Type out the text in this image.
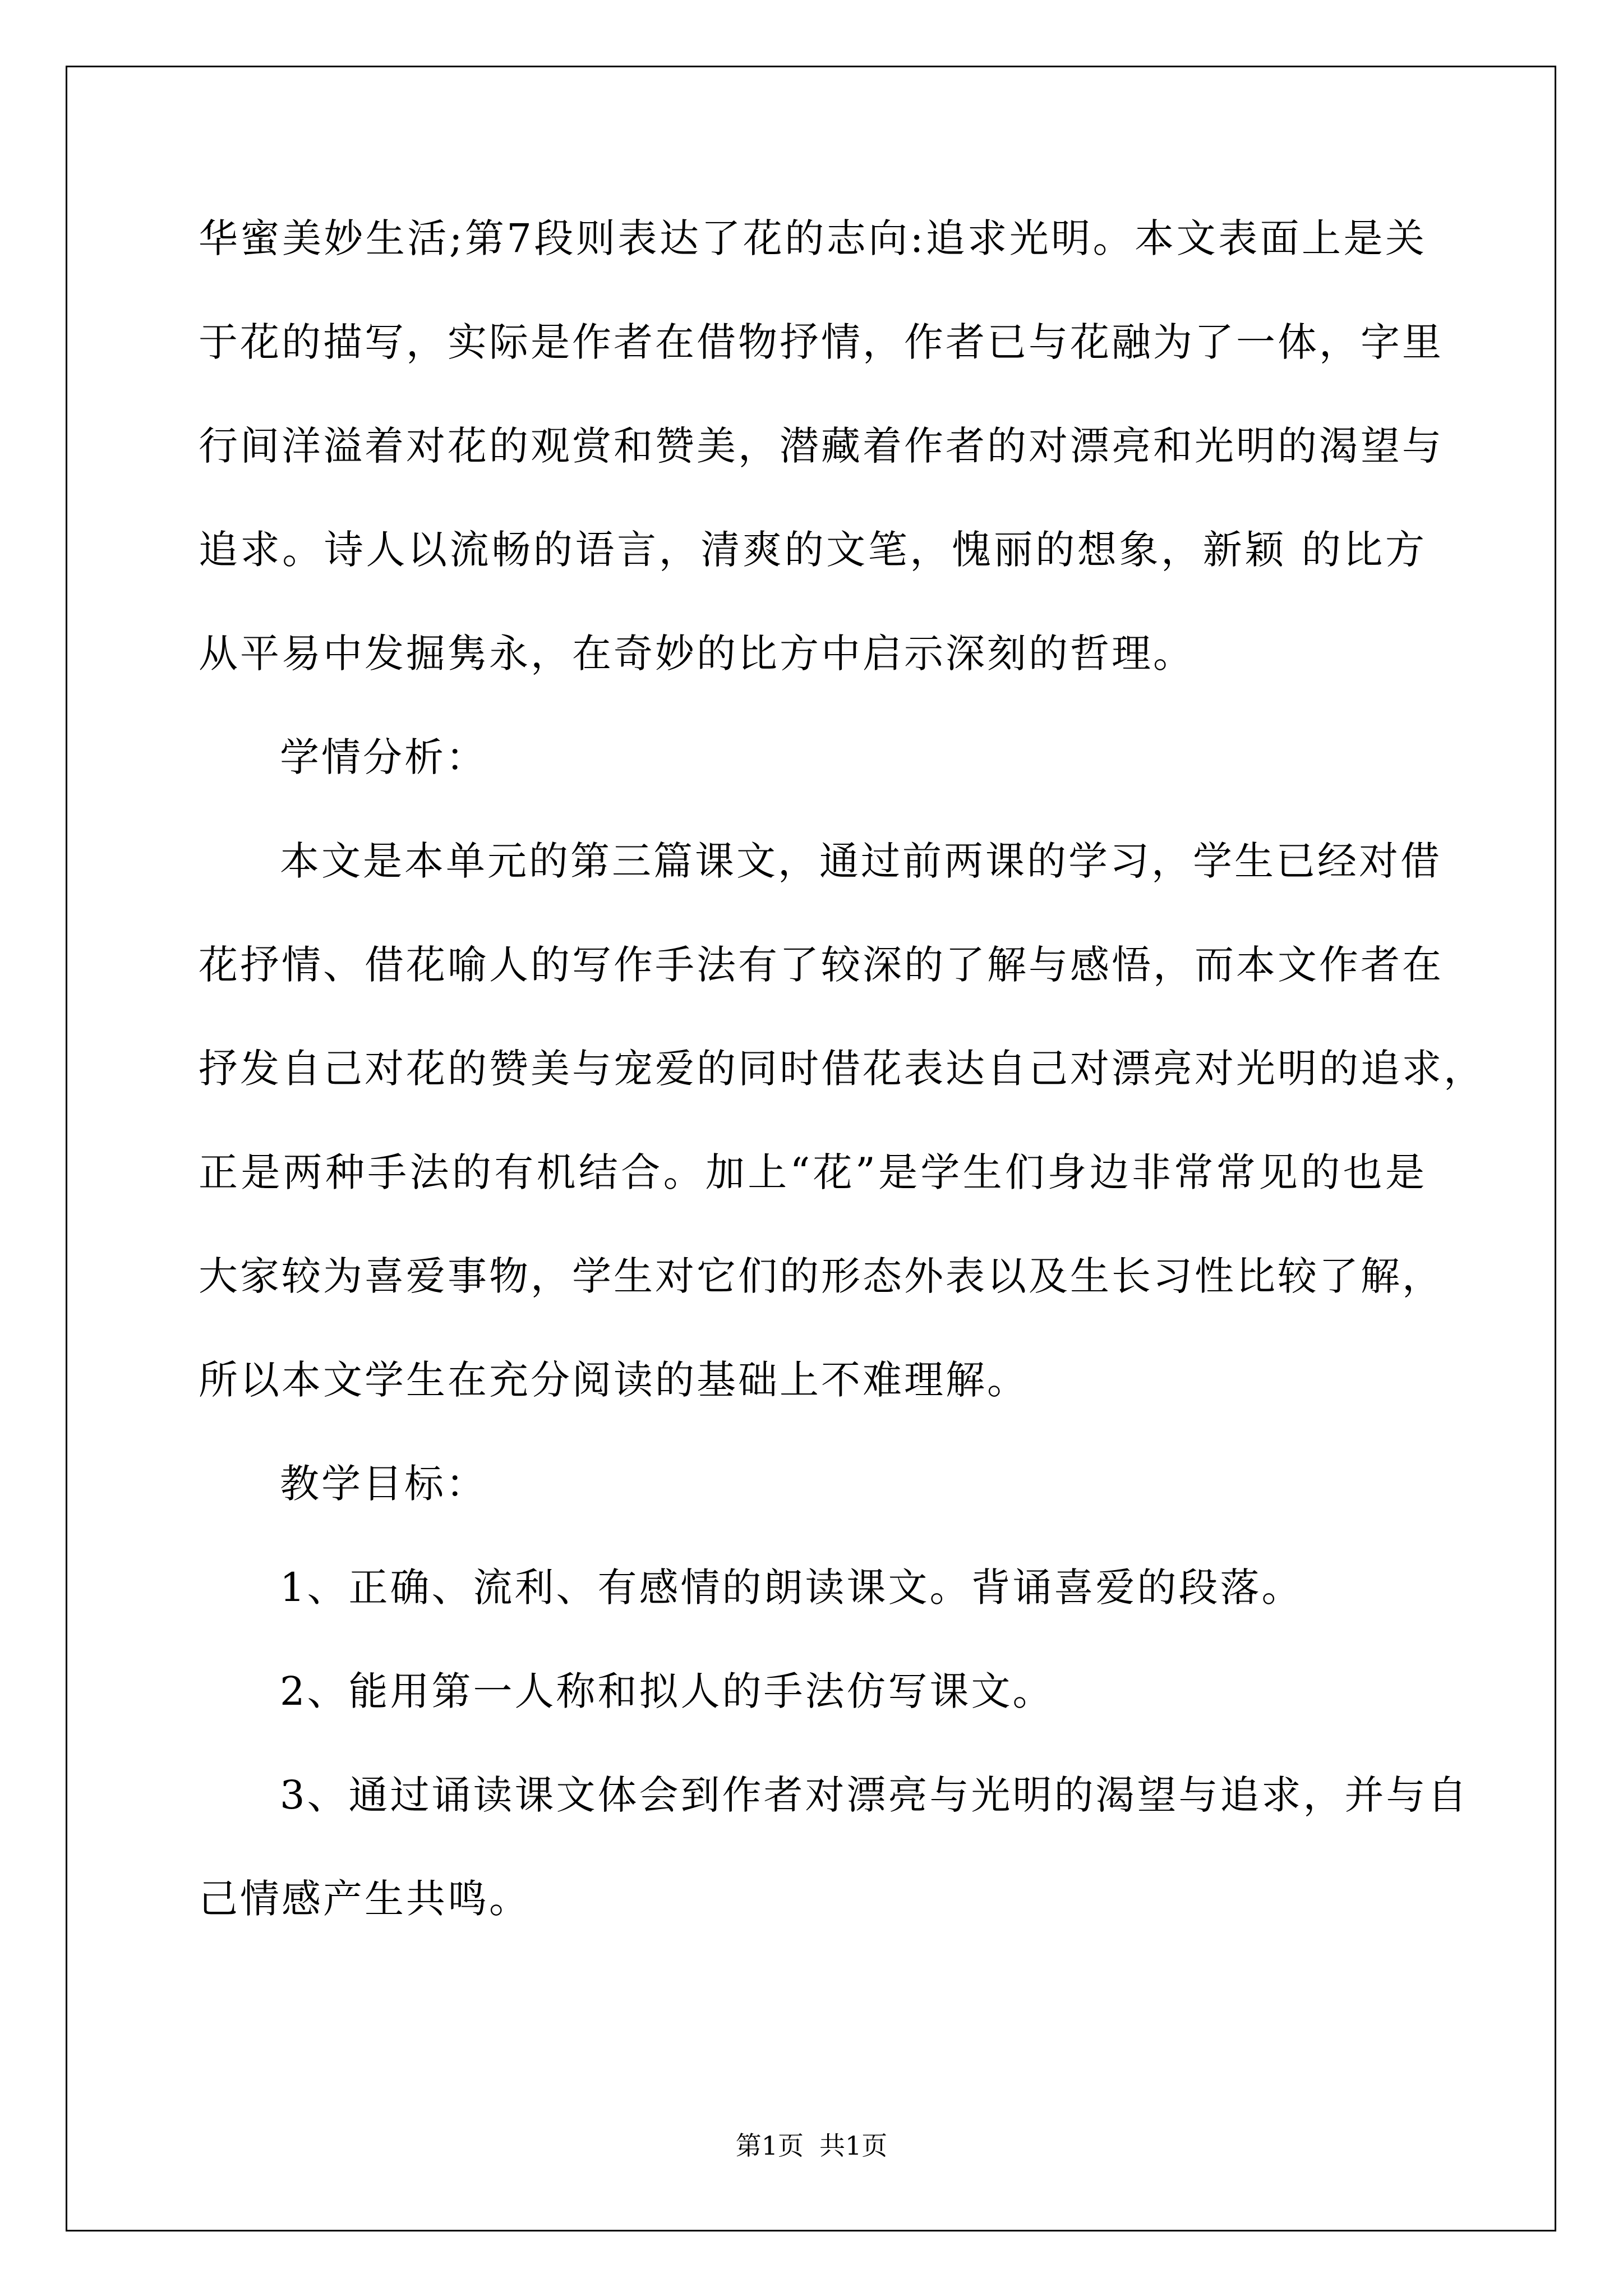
华蜜美妙生活;第7段则表达了花的志向:追求光明。本文表面上是关
于花的描写，实际是作者在借物抒情，作者已与花融为了一体，字里
行间洋溢着对花的观赏和赞美，潜藏着作者的对漂亮和光明的渴望与
追求。诗人以流畅的语言，清爽的文笔，愧丽的想象，新颖 的比方
从平易中发掘隽永，在奇妙的比方中启示深刻的哲理。
学情分析：
本文是本单元的第三篇课文，通过前两课的学习，学生已经对借
花抒情、借花喻人的写作手法有了较深的了解与感悟，而本文作者在
抒发自己对花的赞美与宠爱的同时借花表达自己对漂亮对光明的追求，
正是两种手法的有机结合。加上“花”是学生们身边非常常见的也是
大家较为喜爱事物，学生对它们的形态外表以及生长习性比较了解，
所以本文学生在充分阅读的基础上不难理解。
教学目标：
1、正确、流利、有感情的朗读课文。背诵喜爱的段落。
2、能用第一人称和拟人的手法仿写课文。
3、通过诵读课文体会到作者对漂亮与光明的渴望与追求，并与自
己情感产生共鸣。
第1页 共1页
